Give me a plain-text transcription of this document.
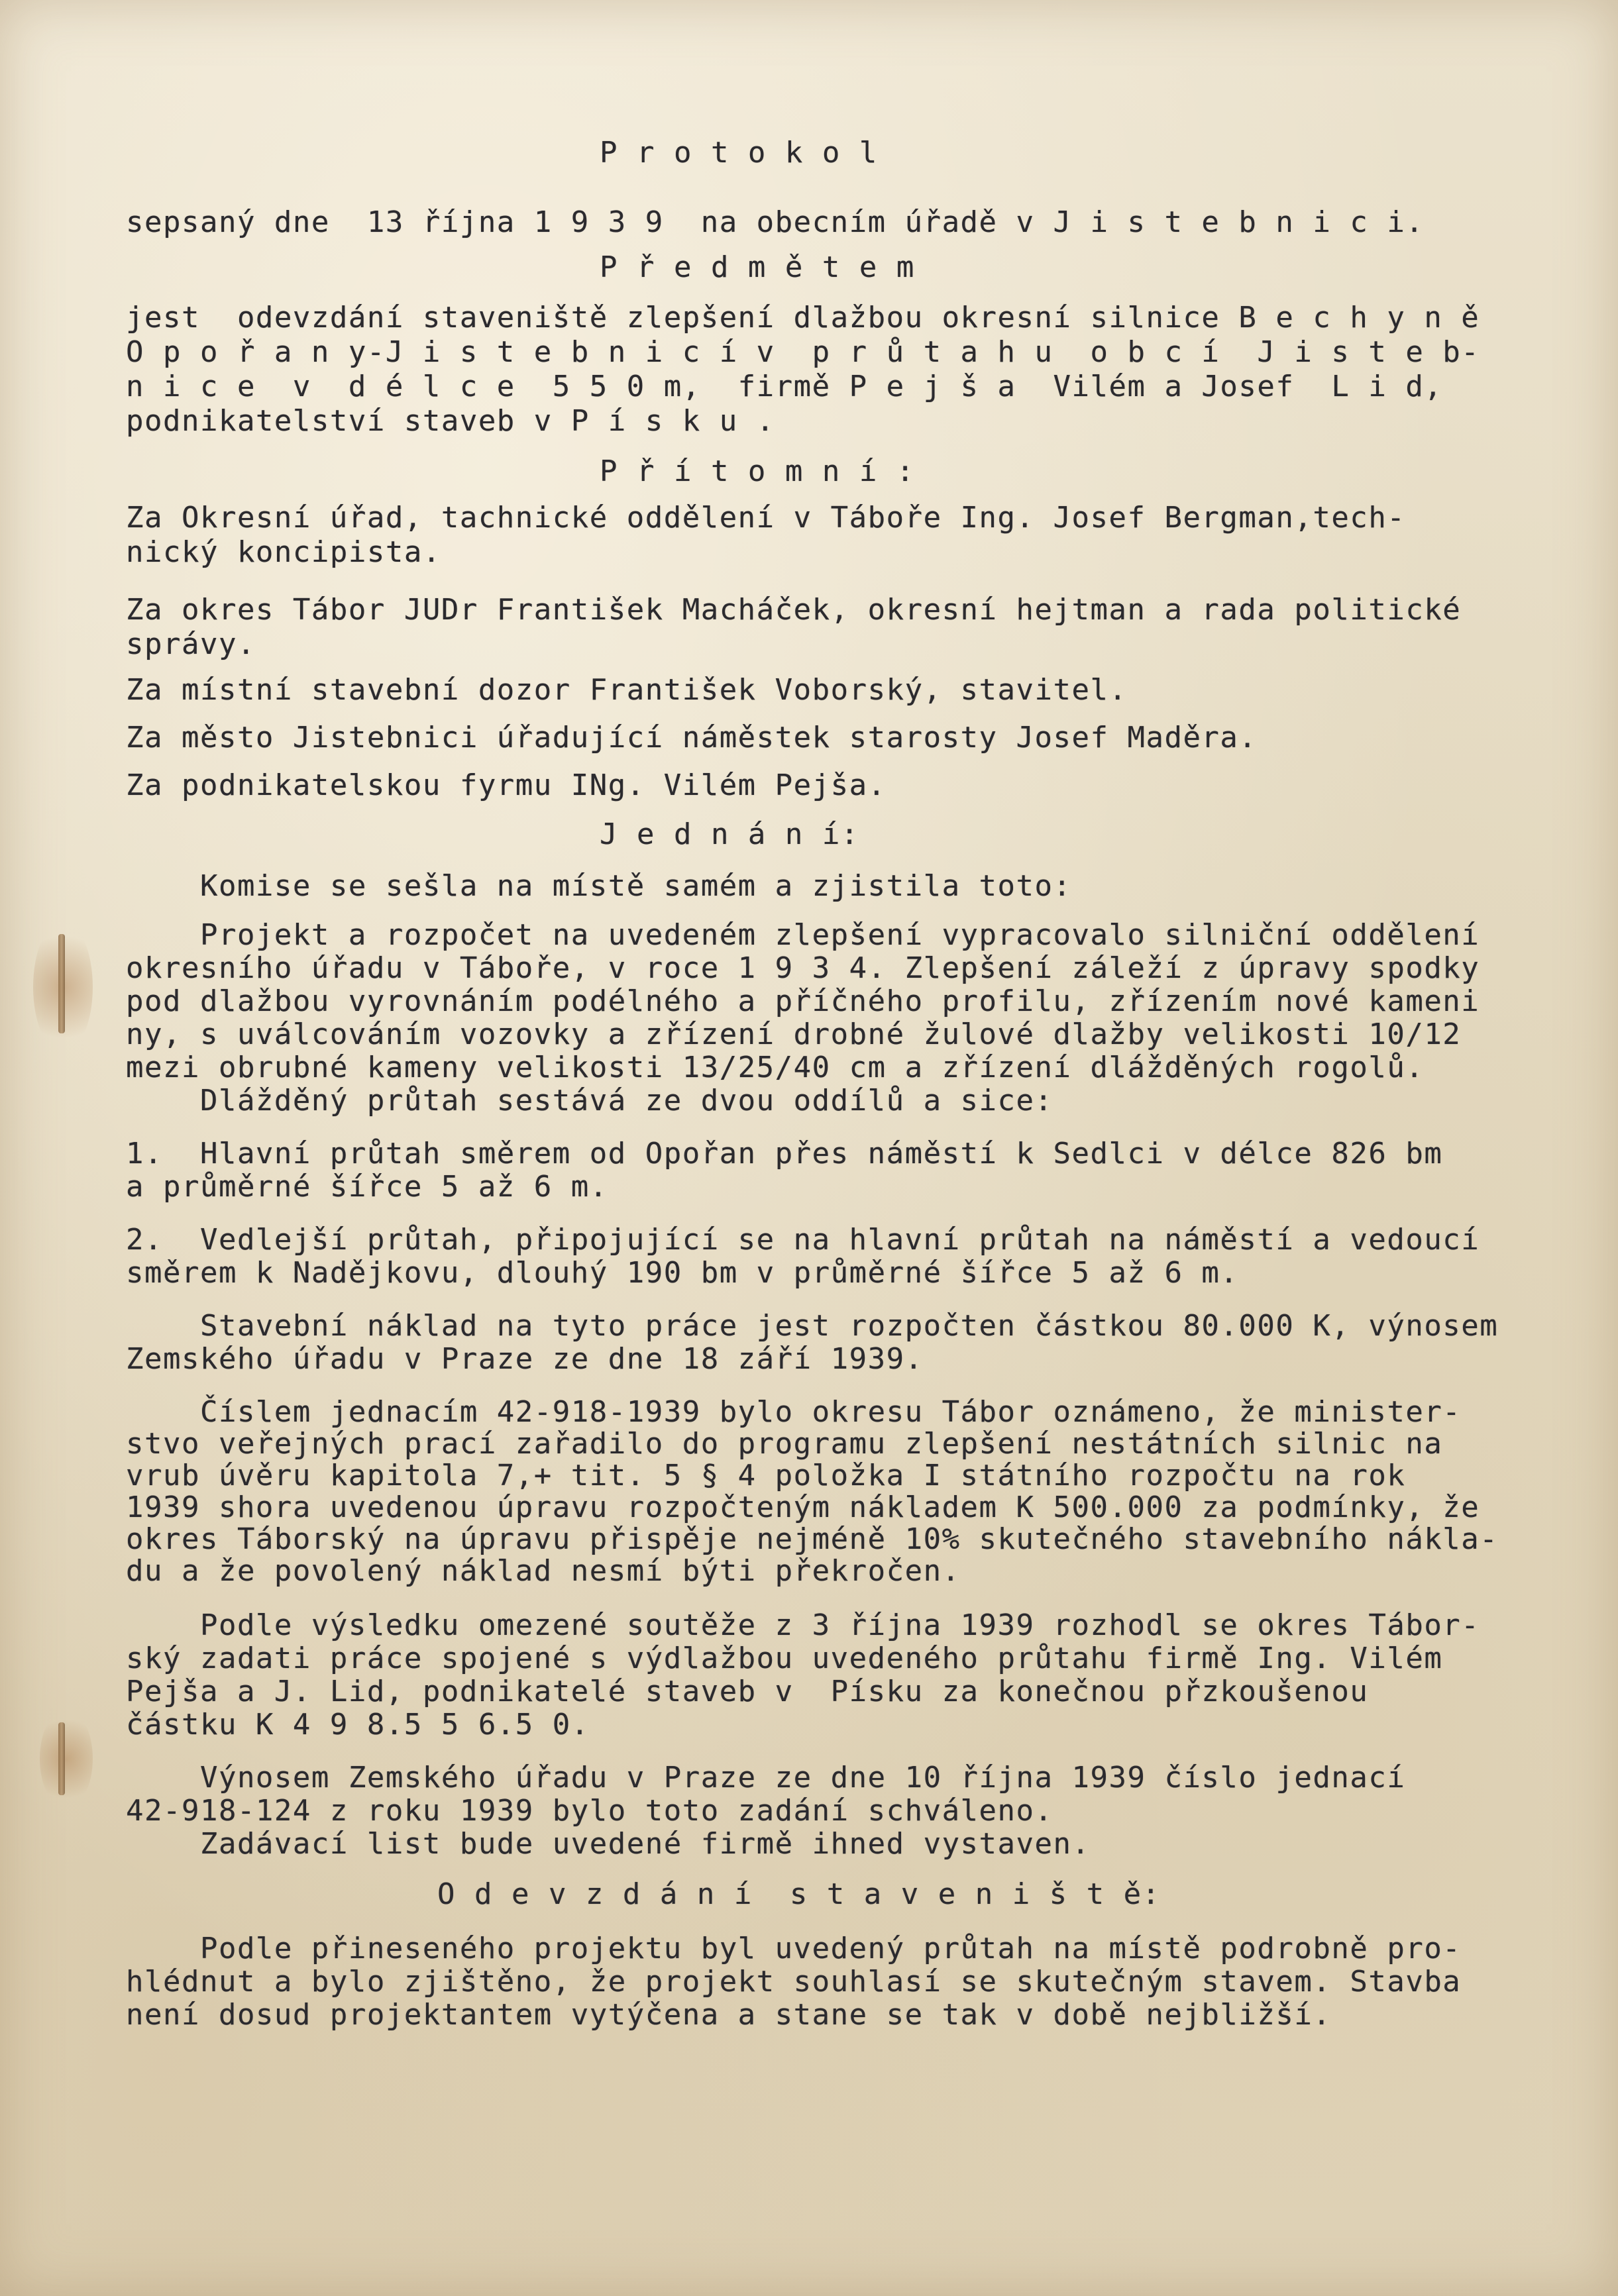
P r o t o k o l
sepsaný dne  13 října 1 9 3 9  na obecním úřadě v J i s t e b n i c i.
P ř e d m ě t e m
jest  odevzdání staveniště zlepšení dlažbou okresní silnice B e c h y n ě
O p o ř a n y-J i s t e b n i c í v  p r ů t a h u  o b c í  J i s t e b-
n i c e  v  d é l c e  5 5 0 m,  firmě P e j š a  Vilém a Josef  L i d,
podnikatelství staveb v P í s k u .
P ř í t o m n í :
Za Okresní úřad, tachnické oddělení v Táboře Ing. Josef Bergman,tech-
nický koncipista.
Za okres Tábor JUDr František Macháček, okresní hejtman a rada politické
správy.
Za místní stavební dozor František Voborský, stavitel.
Za město Jistebnici úřadující náměstek starosty Josef Maděra.
Za podnikatelskou fyrmu INg. Vilém Pejša.
J e d n á n í:
Komise se sešla na místě samém a zjistila toto:
Projekt a rozpočet na uvedeném zlepšení vypracovalo silniční oddělení
okresního úřadu v Táboře, v roce 1 9 3 4. Zlepšení záleží z úpravy spodky
pod dlažbou vyrovnáním podélného a příčného profilu, zřízením nové kameni
ny, s uválcováním vozovky a zřízení drobné žulové dlažby velikosti 10/12
mezi obrubné kameny velikosti 13/25/40 cm a zřízení dlážděných rogolů.
Dlážděný průtah sestává ze dvou oddílů a sice:
1.  Hlavní průtah směrem od Opořan přes náměstí k Sedlci v délce 826 bm
a průměrné šířce 5 až 6 m.
2.  Vedlejší průtah, připojující se na hlavní průtah na náměstí a vedoucí
směrem k Nadějkovu, dlouhý 190 bm v průměrné šířce 5 až 6 m.
Stavební náklad na tyto práce jest rozpočten částkou 80.000 K, výnosem
Zemského úřadu v Praze ze dne 18 září 1939.
Číslem jednacím 42-918-1939 bylo okresu Tábor oznámeno, že minister-
stvo veřejných prací zařadilo do programu zlepšení nestátních silnic na
vrub úvěru kapitola 7,+ tit. 5 § 4 položka I státního rozpočtu na rok
1939 shora uvedenou úpravu rozpočteným nákladem K 500.000 za podmínky, že
okres Táborský na úpravu přispěje nejméně 10% skutečného stavebního nákla-
du a že povolený náklad nesmí býti překročen.
Podle výsledku omezené soutěže z 3 října 1939 rozhodl se okres Tábor-
ský zadati práce spojené s výdlažbou uvedeného průtahu firmě Ing. Vilém
Pejša a J. Lid, podnikatelé staveb v  Písku za konečnou přzkoušenou
částku K 4 9 8.5 5 6.5 0.
Výnosem Zemského úřadu v Praze ze dne 10 října 1939 číslo jednací
42-918-124 z roku 1939 bylo toto zadání schváleno.
Zadávací list bude uvedené firmě ihned vystaven.
O d e v z d á n í  s t a v e n i š t ě:
Podle přineseného projektu byl uvedený průtah na místě podrobně pro-
hlédnut a bylo zjištěno, že projekt souhlasí se skutečným stavem. Stavba
není dosud projektantem vytýčena a stane se tak v době nejbližší.
